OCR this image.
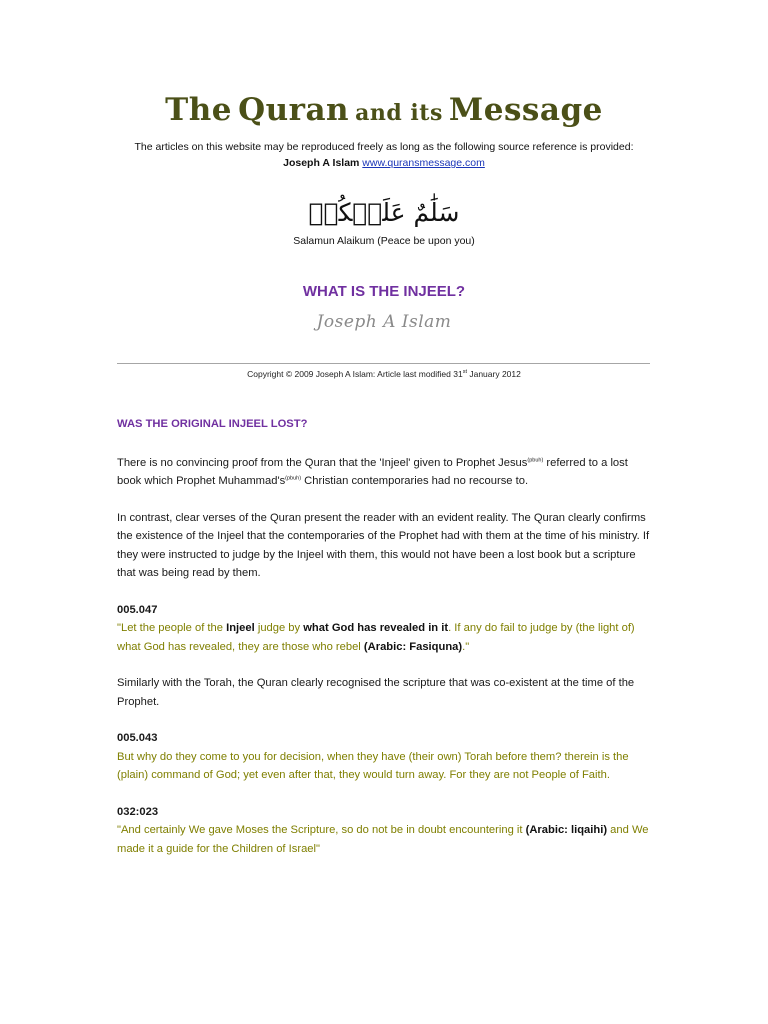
The Quran and its Message
The articles on this website may be reproduced freely as long as the following source reference is provided:
Joseph A Islam www.quransmessage.com
سَلَٰمٌ عَلَيۡكُمۡ
Salamun Alaikum (Peace be upon you)
WHAT IS THE INJEEL?
Joseph A Islam
Copyright © 2009 Joseph A Islam: Article last modified 31st January 2012

WAS THE ORIGINAL INJEEL LOST?

There is no convincing proof from the Quran that the 'Injeel' given to Prophet Jesus$^{(pbuh)}$ referred to a lost book which Prophet $Muhammad's^{(pbuh)}$ Christian contemporaries had no recourse to.

In contrast, clear verses of the Quran present the reader with an evident reality. The Quran clearly confirms the existence of the Injeel that the contemporaries of the Prophet had with them at the time of his ministry. If they were instructed to judge by the Injeel with them, this would not have been a lost book but a scripture that was being read by them.

005.047

"Let the people of the Injeel judge by what God has revealed in it. If any do fail to judge by (the light of) what God has revealed, they are those who rebel (Arabic: Fasiquna)."

Similarly with the Torah, the Quran clearly recognised the scripture that was co-existent at the time of the Prophet.

005.043

But why do they come to you for decision, when they have (their own) Torah before them? therein is the (plain) command of God; yet even after that, they would turn away. For they are not People of Faith.

032:023

"And certainly We gave Moses the Scripture, so do not be in doubt encountering it (Arabic: liqaihi) and We made it a guide for the Children of Israel"
